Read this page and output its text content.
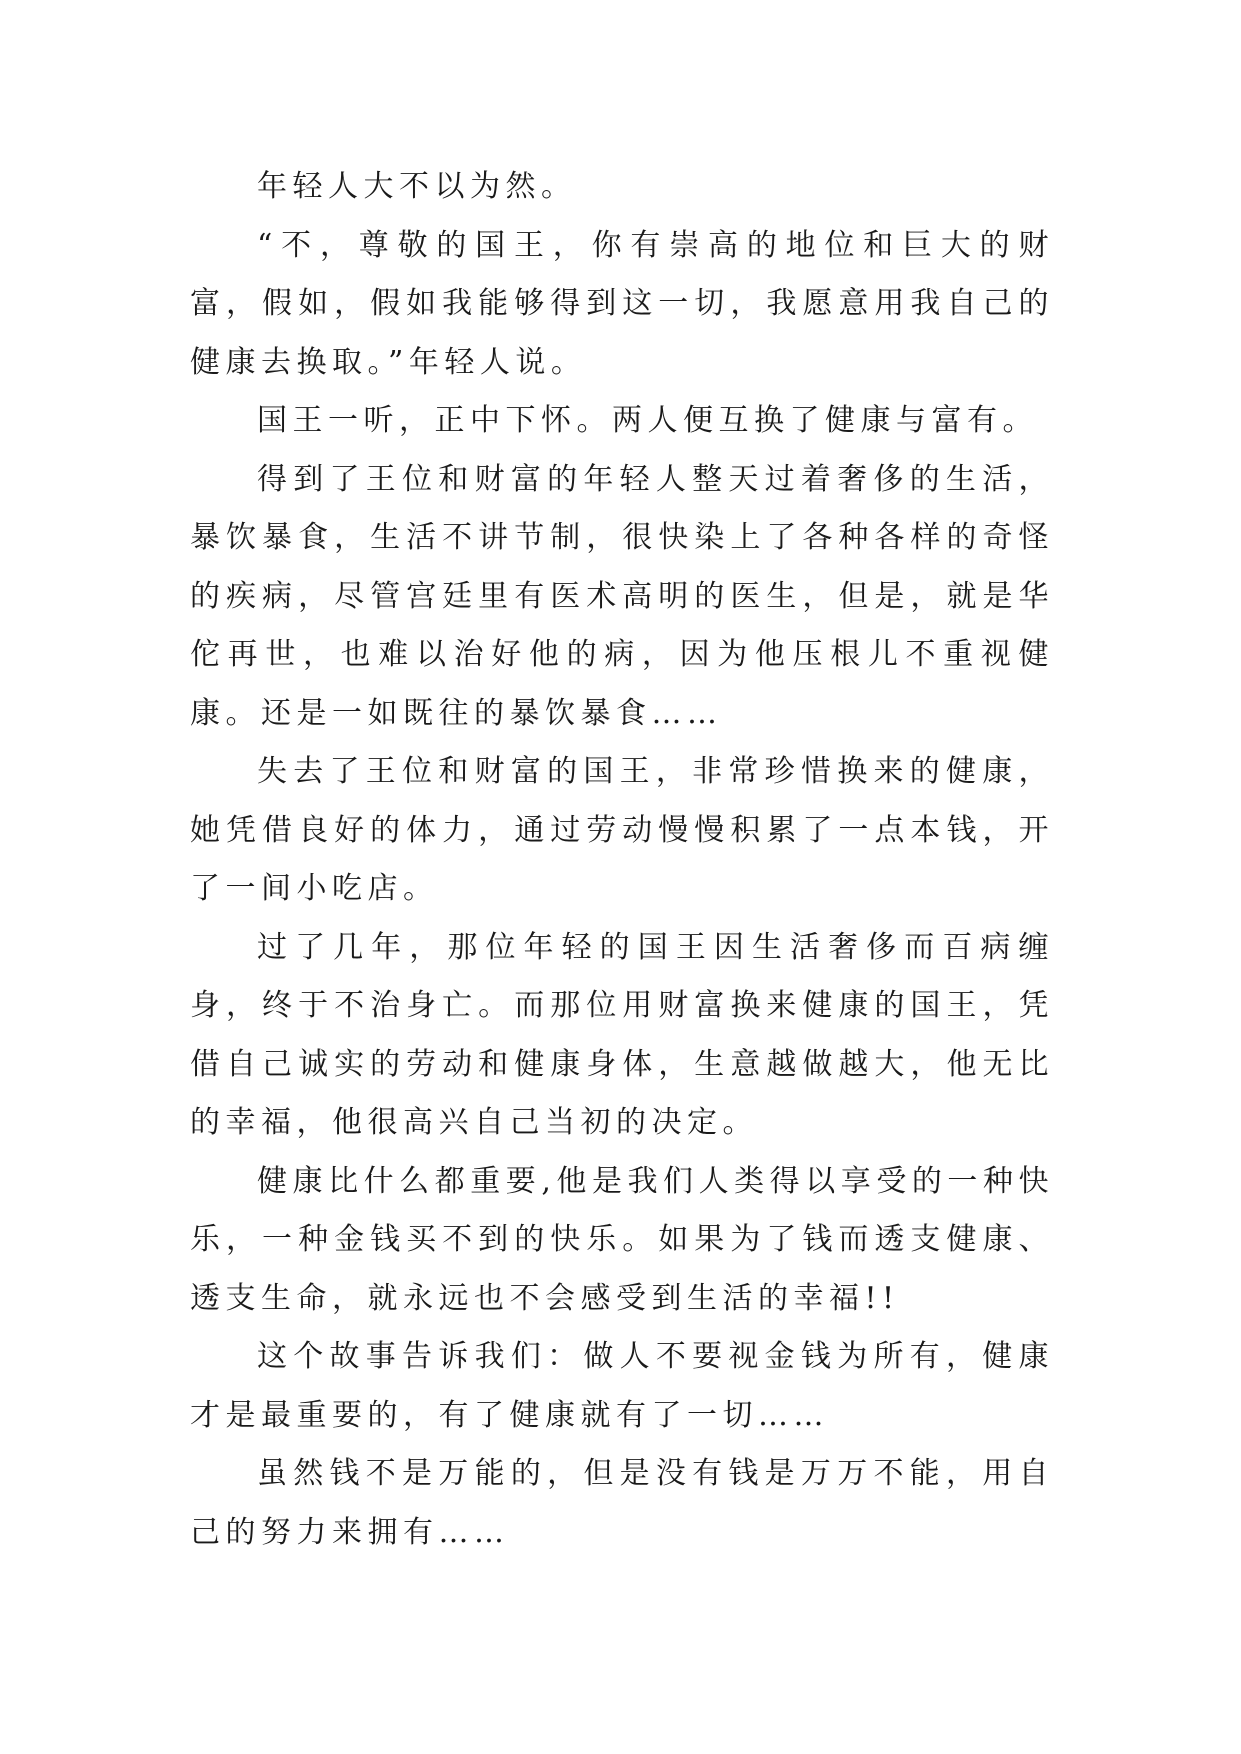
年轻人大不以为然。

“不，尊敬的国王，你有崇高的地位和巨大的财富，假如，假如我能够得到这一切，我愿意用我自己的健康去换取。”年轻人说。

国王一听，正中下怀。两人便互换了健康与富有。

得到了王位和财富的年轻人整天过着奢侈的生活，暴饮暴食，生活不讲节制，很快染上了各种各样的奇怪的疾病，尽管宫廷里有医术高明的医生，但是，就是华佗再世，也难以治好他的病，因为他压根儿不重视健康。还是一如既往的暴饮暴食……

失去了王位和财富的国王，非常珍惜换来的健康，她凭借良好的体力，通过劳动慢慢积累了一点本钱，开了一间小吃店。

过了几年，那位年轻的国王因生活奢侈而百病缠身，终于不治身亡。而那位用财富换来健康的国王，凭借自己诚实的劳动和健康身体，生意越做越大，他无比的幸福，他很高兴自己当初的决定。

健康比什么都重要,他是我们人类得以享受的一种快乐，一种金钱买不到的快乐。如果为了钱而透支健康、透支生命，就永远也不会感受到生活的幸福!!

这个故事告诉我们：做人不要视金钱为所有，健康才是最重要的，有了健康就有了一切……

虽然钱不是万能的，但是没有钱是万万不能，用自己的努力来拥有……
